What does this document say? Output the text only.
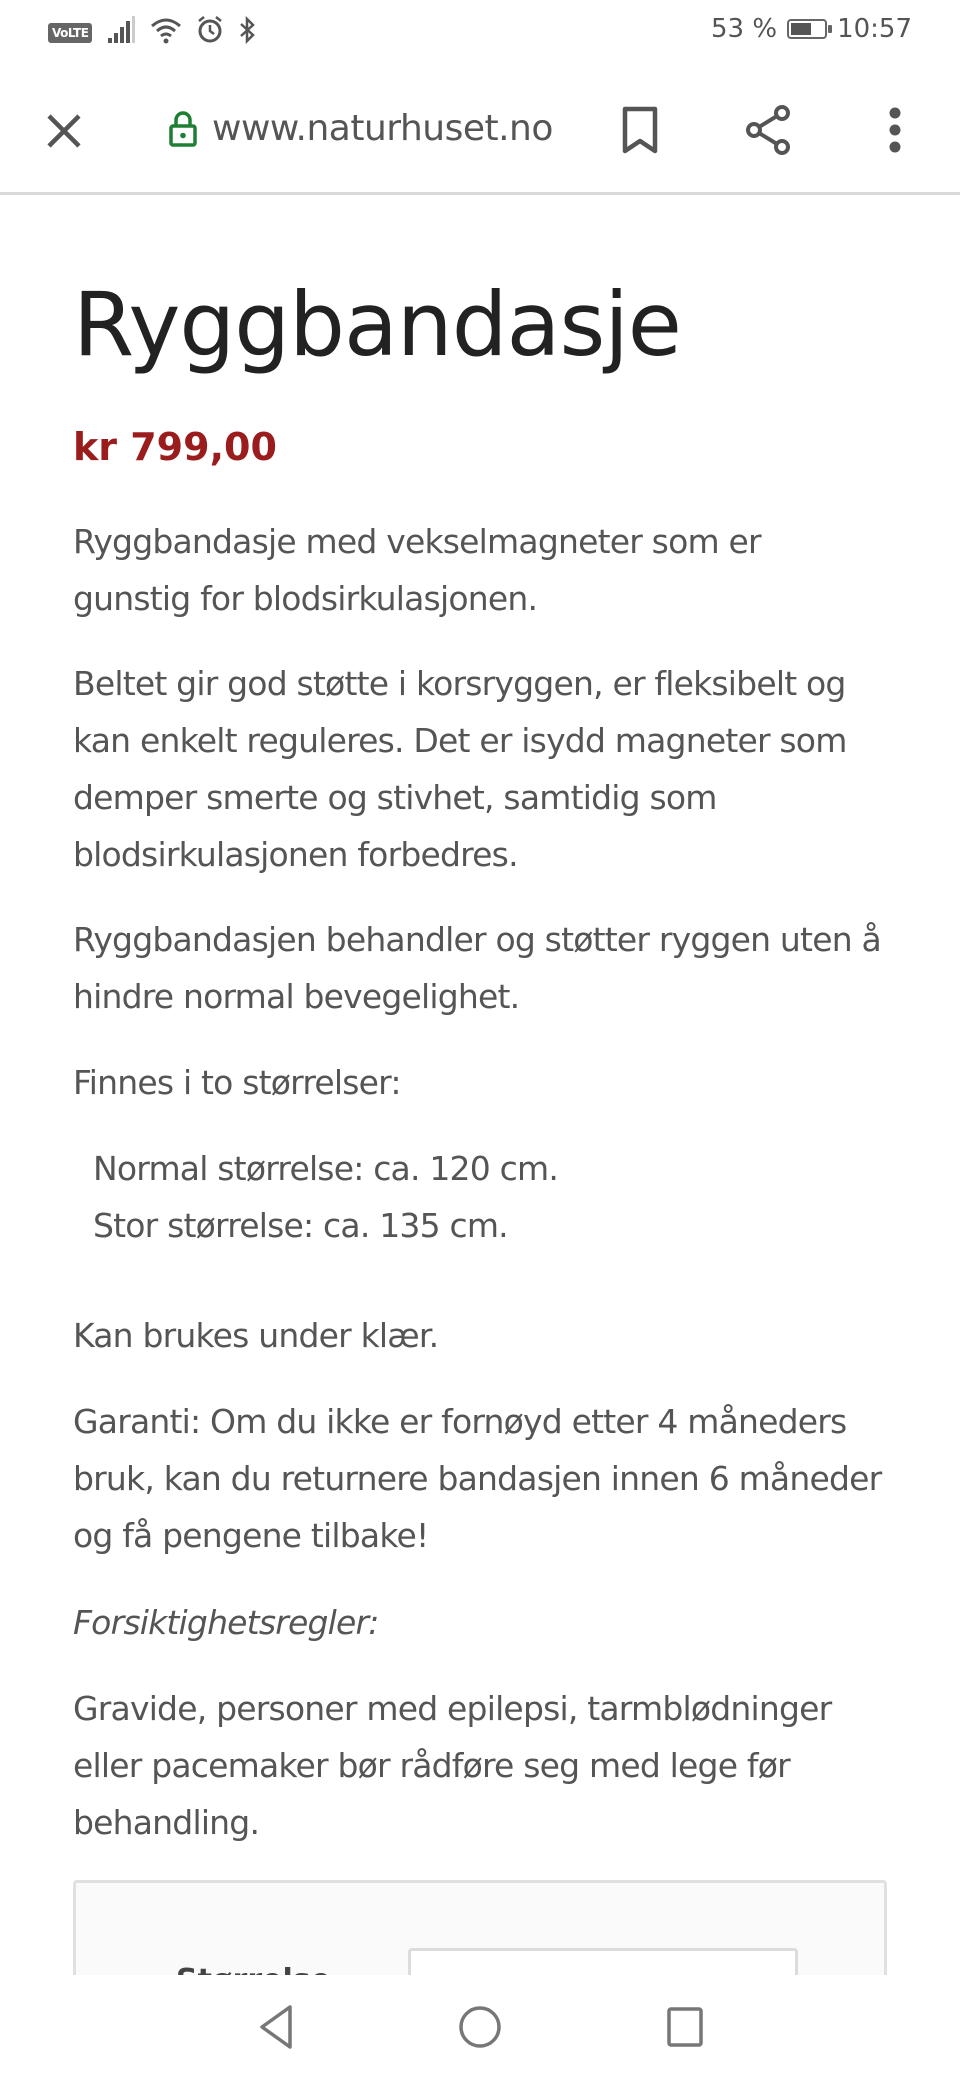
VoLTE	53 % 10:57
www.naturhuset.no
Ryggbandasje
kr 799,00

Ryggbandasje med vekselmagneter som er gunstig for blodsirkulasjonen.

Beltet gir god støtte i korsryggen, er fleksibelt og kan enkelt reguleres. Det er isydd magneter som demper smerte og stivhet, samtidig som blodsirkulasjonen forbedres.

Ryggbandasjen behandler og støtter ryggen uten å hindre normal bevegelighet.

Finnes i to størrelser:

Normal størrelse: ca. 120 cm.
Stor størrelse: ca. 135 cm.

Kan brukes under klær.

Garanti: Om du ikke er fornøyd etter 4 måneders bruk, kan du returnere bandasjen innen 6 måneder og få pengene tilbake!

Forsiktighetsregler:

Gravide, personer med epilepsi, tarmblødninger eller pacemaker bør rådføre seg med lege før behandling.
